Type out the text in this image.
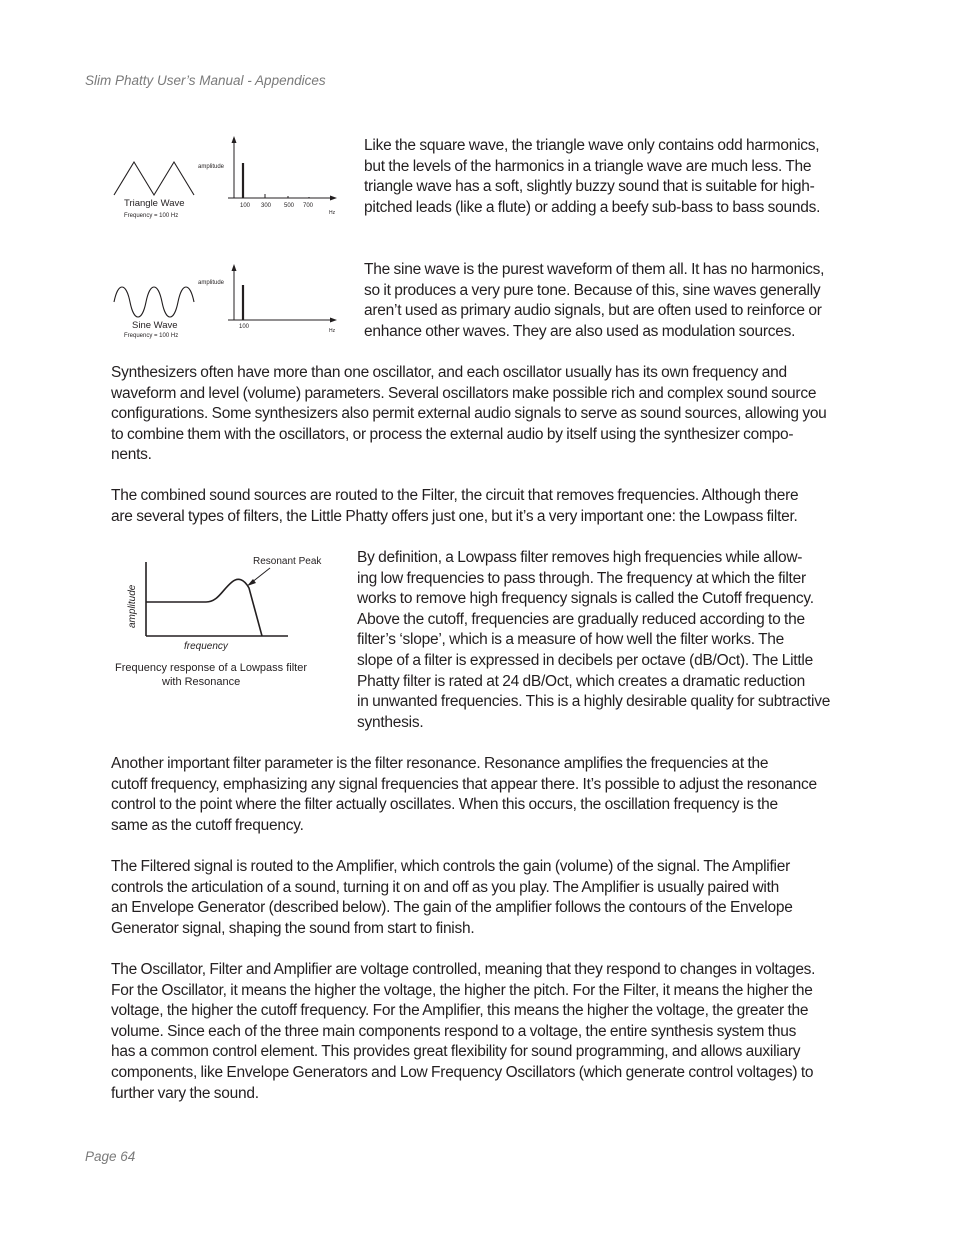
Slim Phatty User’s Manual - Appendices
Triangle Wave
Frequency = 100 Hz
amplitude
100 300 500 700
Hz

Like the square wave, the triangle wave only contains odd harmonics,
but the levels of the harmonics in a triangle wave are much less. The
triangle wave has a soft, slightly buzzy sound that is suitable for high-
pitched leads (like a flute) or adding a beefy sub-bass to bass sounds.

Sine Wave
Frequency = 100 Hz
amplitude
100
Hz

The sine wave is the purest waveform of them all. It has no harmonics,
so it produces a very pure tone. Because of this, sine waves generally
aren’t used as primary audio signals, but are often used to reinforce or
enhance other waves. They are also used as modulation sources.

Synthesizers often have more than one oscillator, and each oscillator usually has its own frequency and
waveform and level (volume) parameters. Several oscillators make possible rich and complex sound source
configurations. Some synthesizers also permit external audio signals to serve as sound sources, allowing you
to combine them with the oscillators, or process the external audio by itself using the synthesizer compo-
nents.

The combined sound sources are routed to the Filter, the circuit that removes frequencies. Although there
are several types of filters, the Little Phatty offers just one, but it’s a very important one: the Lowpass filter.

Resonant Peak
amplitude
frequency
Frequency response of a Lowpass filter
with Resonance

By definition, a Lowpass filter removes high frequencies while allow-
ing low frequencies to pass through. The frequency at which the filter
works to remove high frequency signals is called the Cutoff frequency.
Above the cutoff, frequencies are gradually reduced according to the
filter’s ‘slope’, which is a measure of how well the filter works. The
slope of a filter is expressed in decibels per octave (dB/Oct). The Little
Phatty filter is rated at 24 dB/Oct, which creates a dramatic reduction
in unwanted frequencies. This is a highly desirable quality for subtractive
synthesis.

Another important filter parameter is the filter resonance. Resonance amplifies the frequencies at the
cutoff frequency, emphasizing any signal frequencies that appear there. It’s possible to adjust the resonance
control to the point where the filter actually oscillates. When this occurs, the oscillation frequency is the
same as the cutoff frequency.

The Filtered signal is routed to the Amplifier, which controls the gain (volume) of the signal. The Amplifier
controls the articulation of a sound, turning it on and off as you play. The Amplifier is usually paired with
an Envelope Generator (described below). The gain of the amplifier follows the contours of the Envelope
Generator signal, shaping the sound from start to finish.

The Oscillator, Filter and Amplifier are voltage controlled, meaning that they respond to changes in voltages.
For the Oscillator, it means the higher the voltage, the higher the pitch. For the Filter, it means the higher the
voltage, the higher the cutoff frequency. For the Amplifier, this means the higher the voltage, the greater the
volume. Since each of the three main components respond to a voltage, the entire synthesis system thus
has a common control element. This provides great flexibility for sound programming, and allows auxiliary
components, like Envelope Generators and Low Frequency Oscillators (which generate control voltages) to
further vary the sound.

Page 64
